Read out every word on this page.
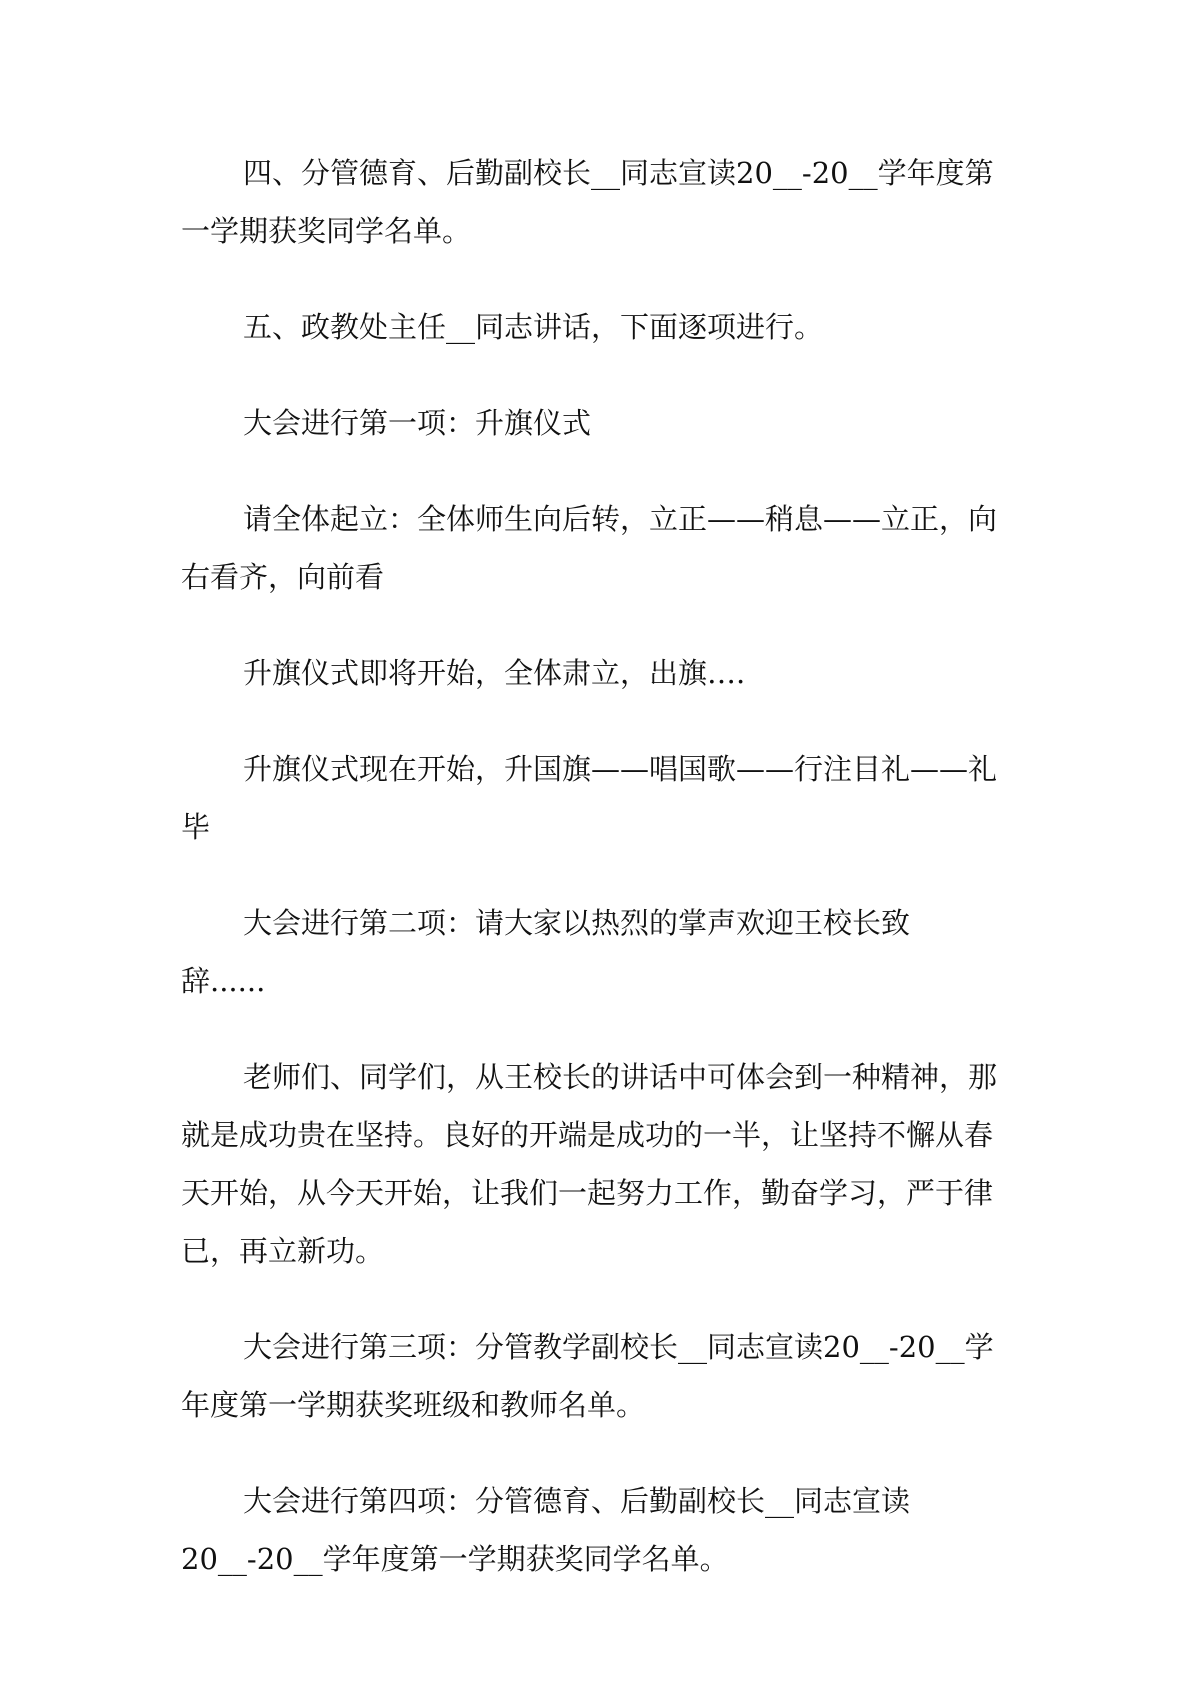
四、分管德育、后勤副校长__同志宣读20__-20__学年度第一学期获奖同学名单。

五、政教处主任__同志讲话，下面逐项进行。

大会进行第一项：升旗仪式

请全体起立：全体师生向后转，立正——稍息——立正，向右看齐，向前看

升旗仪式即将开始，全体肃立，出旗….

升旗仪式现在开始，升国旗——唱国歌——行注目礼——礼毕

大会进行第二项：请大家以热烈的掌声欢迎王校长致
辞......

老师们、同学们，从王校长的讲话中可体会到一种精神，那就是成功贵在坚持。良好的开端是成功的一半，让坚持不懈从春天开始，从今天开始，让我们一起努力工作，勤奋学习，严于律已，再立新功。

大会进行第三项：分管教学副校长__同志宣读20__-20__学年度第一学期获奖班级和教师名单。

大会进行第四项：分管德育、后勤副校长__同志宣读
20__-20__学年度第一学期获奖同学名单。
